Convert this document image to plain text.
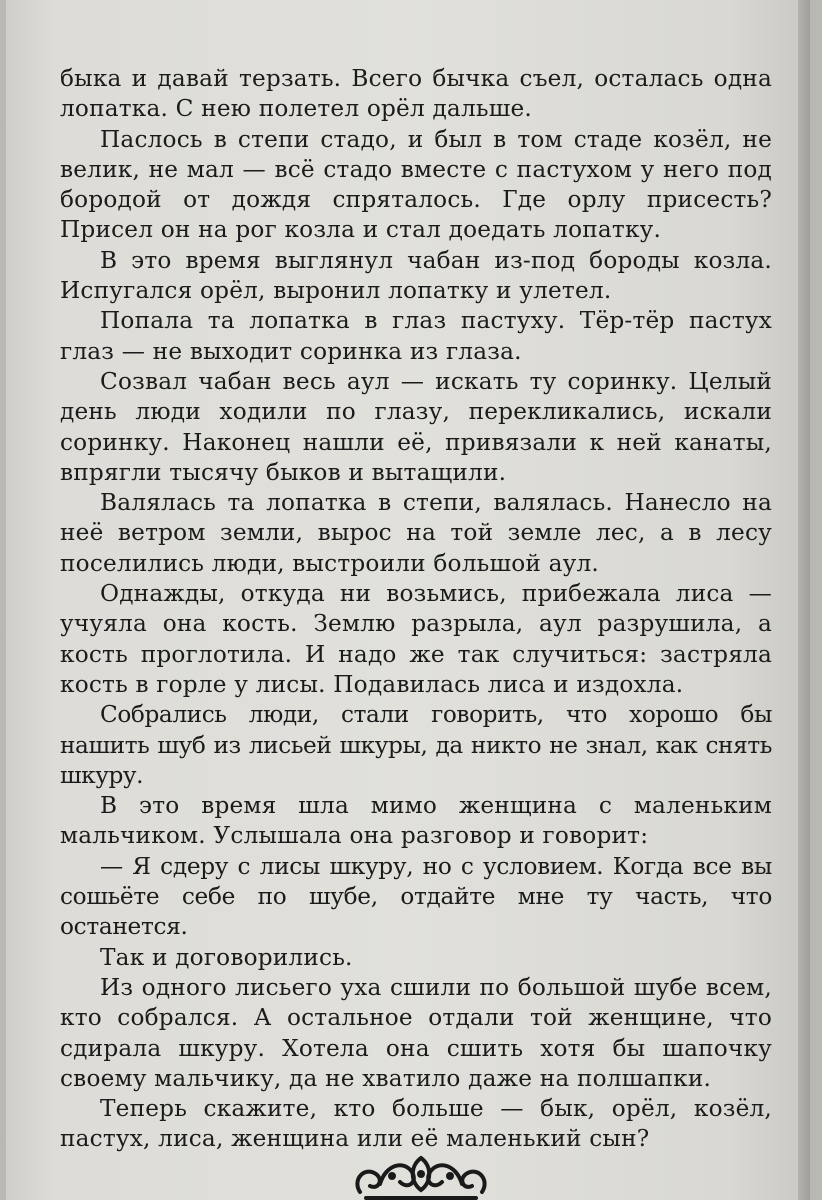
быка и давай терзать. Всего бычка съел, осталась одна лопатка. С нею полетел орёл дальше.

Паслось в степи стадо, и был в том стаде козёл, не велик, не мал — всё стадо вместе с пастухом у него под бородой от дождя спряталось. Где орлу присесть? Присел он на рог козла и стал доедать лопатку.

В это время выглянул чабан из-под бороды козла. Испугался орёл, выронил лопатку и улетел.

Попала та лопатка в глаз пастуху. Тёр-тёр пастух глаз — не выходит соринка из глаза.

Созвал чабан весь аул — искать ту соринку. Целый день люди ходили по глазу, перекликались, искали соринку. Наконец нашли её, привязали к ней канаты, впрягли тысячу быков и вытащили.

Валялась та лопатка в степи, валялась. Нанесло на неё ветром земли, вырос на той земле лес, а в лесу поселились люди, выстроили большой аул.

Однажды, откуда ни возьмись, прибежала лиса — учуяла она кость. Землю разрыла, аул разрушила, а кость проглотила. И надо же так случиться: застряла кость в горле у лисы. Подавилась лиса и издохла.

Собрались люди, стали говорить, что хорошо бы нашить шуб из лисьей шкуры, да никто не знал, как снять шкуру.

В это время шла мимо женщина с маленьким мальчиком. Услышала она разговор и говорит:

— Я сдеру с лисы шкуру, но с условием. Когда все вы сошьёте себе по шубе, отдайте мне ту часть, что останется.

Так и договорились.

Из одного лисьего уха сшили по большой шубе всем, кто собрался. А остальное отдали той женщине, что сдирала шкуру. Хотела она сшить хотя бы шапочку своему мальчику, да не хватило даже на полшапки.

Теперь скажите, кто больше — бык, орёл, козёл, пастух, лиса, женщина или её маленький сын?
